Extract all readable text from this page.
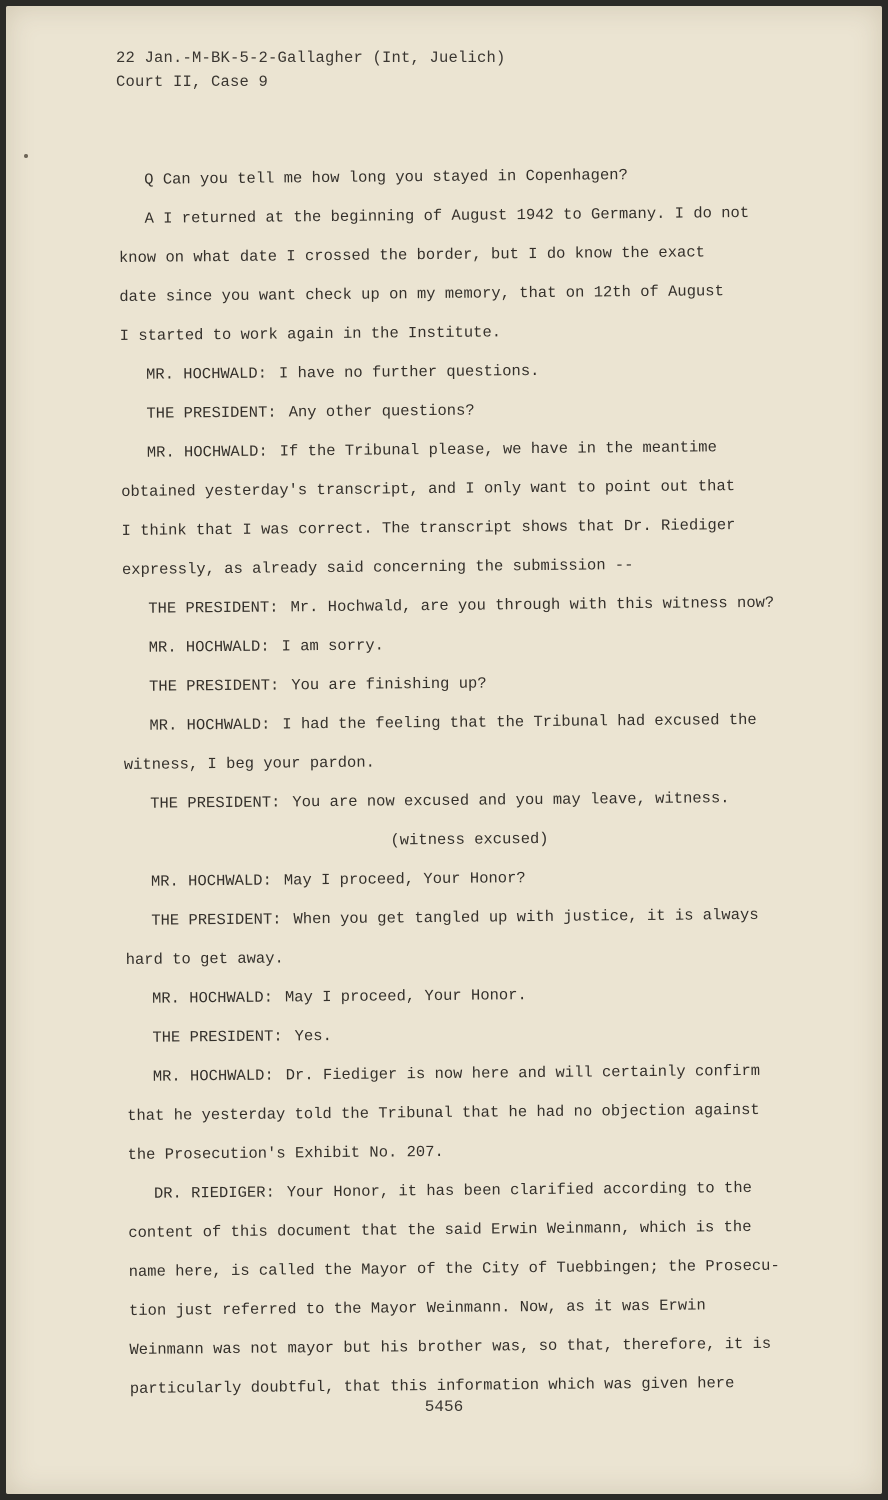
22 Jan.-M-BK-5-2-Gallagher (Int, Juelich)
Court II, Case 9
Q Can you tell me how long you stayed in Copenhagen?
A I returned at the beginning of August 1942 to Germany. I do not
know on what date I crossed the border, but I do know the exact
date since you want check up on my memory, that on 12th of August
I started to work again in the Institute.
MR. HOCHWALD: I have no further questions.
THE PRESIDENT: Any other questions?
MR. HOCHWALD: If the Tribunal please, we have in the meantime
obtained yesterday's transcript, and I only want to point out that
I think that I was correct. The transcript shows that Dr. Riediger
expressly, as already said concerning the submission --
THE PRESIDENT: Mr. Hochwald, are you through with this witness now?
MR. HOCHWALD: I am sorry.
THE PRESIDENT: You are finishing up?
MR. HOCHWALD: I had the feeling that the Tribunal had excused the
witness, I beg your pardon.
THE PRESIDENT: You are now excused and you may leave, witness.
(witness excused)
MR. HOCHWALD: May I proceed, Your Honor?
THE PRESIDENT: When you get tangled up with justice, it is always
hard to get away.
MR. HOCHWALD: May I proceed, Your Honor.
THE PRESIDENT: Yes.
MR. HOCHWALD: Dr. Fiediger is now here and will certainly confirm
that he yesterday told the Tribunal that he had no objection against
the Prosecution's Exhibit No. 207.
DR. RIEDIGER: Your Honor, it has been clarified according to the
content of this document that the said Erwin Weinmann, which is the
name here, is called the Mayor of the City of Tuebbingen; the Prosecu-
tion just referred to the Mayor Weinmann. Now, as it was Erwin
Weinmann was not mayor but his brother was, so that, therefore, it is
particularly doubtful, that this information which was given here
5456
